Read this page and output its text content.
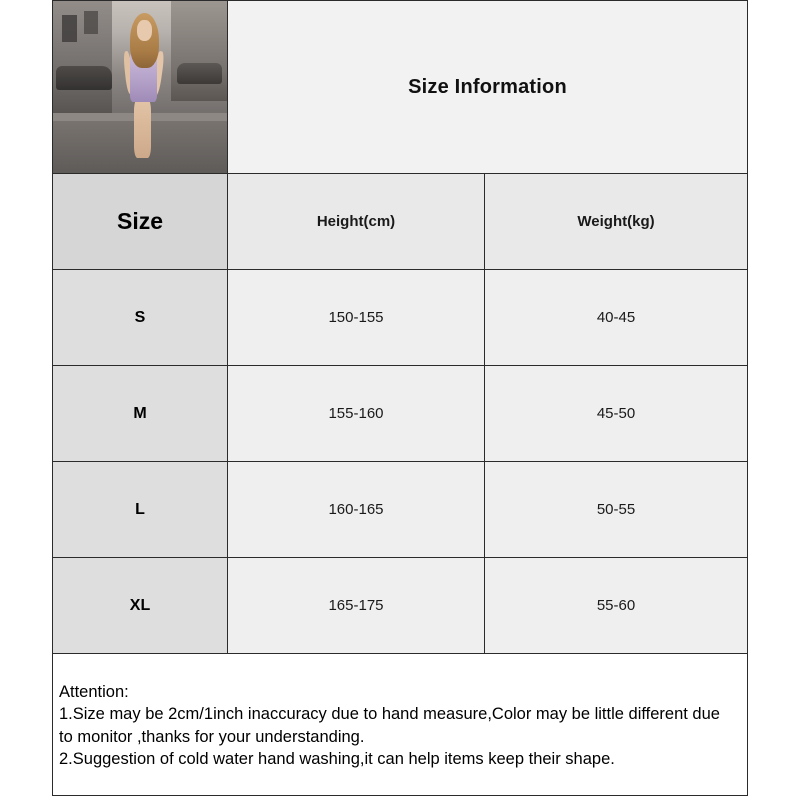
Size Information
Size	Height(cm)	Weight(kg)
S	150-155	40-45
M	155-160	45-50
L	160-165	50-55
XL	165-175	55-60

Attention:

1.Size may be 2cm/1inch inaccuracy due to hand measure,Color may be little different due to monitor ,thanks for your understanding.

2.Suggestion of cold water hand washing,it can help items keep their shape.
